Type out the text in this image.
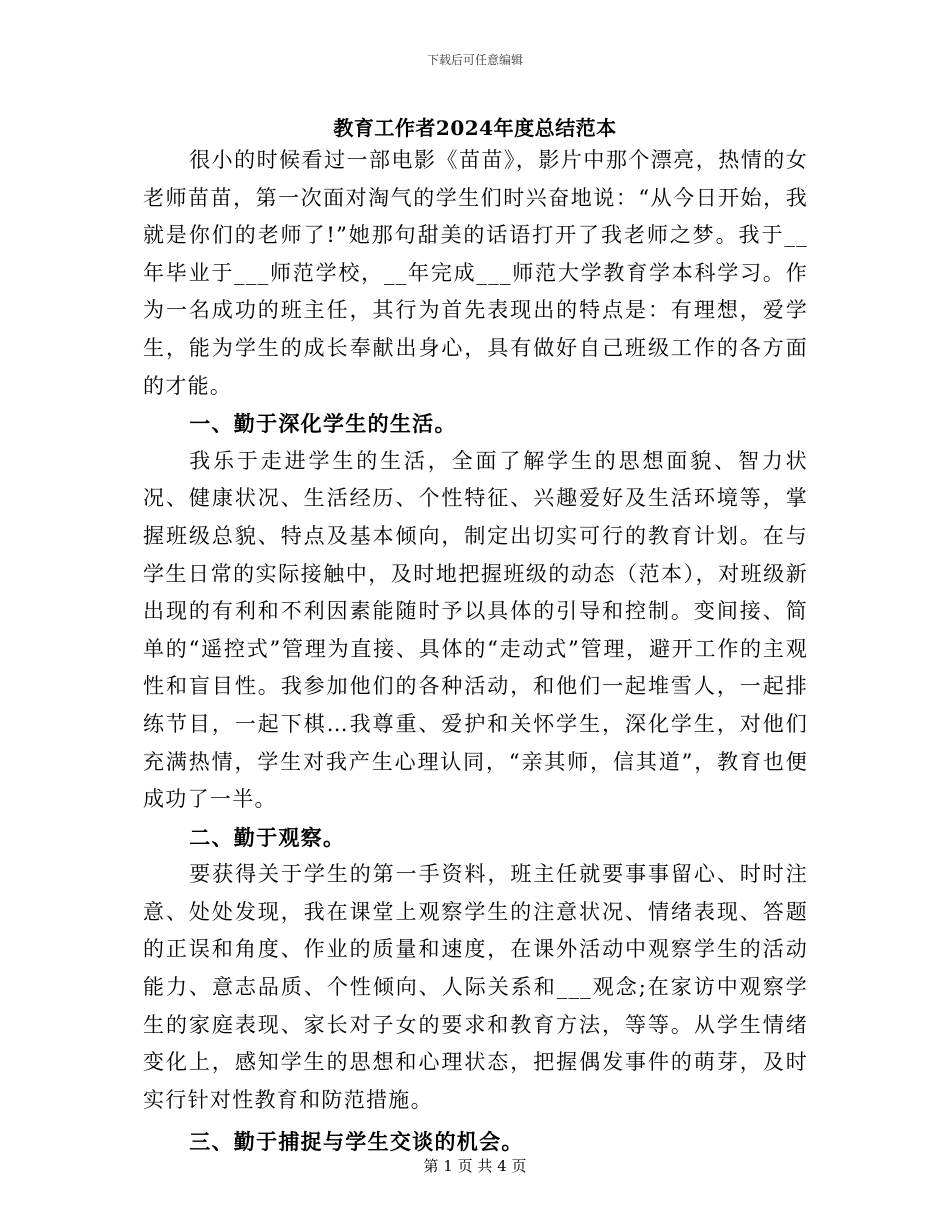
下载后可任意编辑
教育工作者2024年度总结范本

很小的时候看过一部电影《苗苗》，影片中那个漂亮，热情的女老师苗苗，第一次面对淘气的学生们时兴奋地说：“从今日开始，我就是你们的老师了!”她那句甜美的话语打开了我老师之梦。我于__年毕业于___师范学校，__年完成___师范大学教育学本科学习。作为一名成功的班主任，其行为首先表现出的特点是：有理想，爱学生，能为学生的成长奉献出身心，具有做好自己班级工作的各方面的才能。

一、勤于深化学生的生活。

我乐于走进学生的生活，全面了解学生的思想面貌、智力状况、健康状况、生活经历、个性特征、兴趣爱好及生活环境等，掌握班级总貌、特点及基本倾向，制定出切实可行的教育计划。在与学生日常的实际接触中，及时地把握班级的动态（范本），对班级新出现的有利和不利因素能随时予以具体的引导和控制。变间接、简单的“遥控式”管理为直接、具体的“走动式”管理，避开工作的主观性和盲目性。我参加他们的各种活动，和他们一起堆雪人，一起排练节目，一起下棋…我尊重、爱护和关怀学生，深化学生，对他们充满热情，学生对我产生心理认同，“亲其师，信其道”，教育也便成功了一半。

二、勤于观察。

要获得关于学生的第一手资料，班主任就要事事留心、时时注意、处处发现，我在课堂上观察学生的注意状况、情绪表现、答题的正误和角度、作业的质量和速度，在课外活动中观察学生的活动能力、意志品质、个性倾向、人际关系和___观念;在家访中观察学生的家庭表现、家长对子女的要求和教育方法，等等。从学生情绪变化上，感知学生的思想和心理状态，把握偶发事件的萌芽，及时实行针对性教育和防范措施。

三、勤于捕捉与学生交谈的机会。

第 1 页 共 4 页
